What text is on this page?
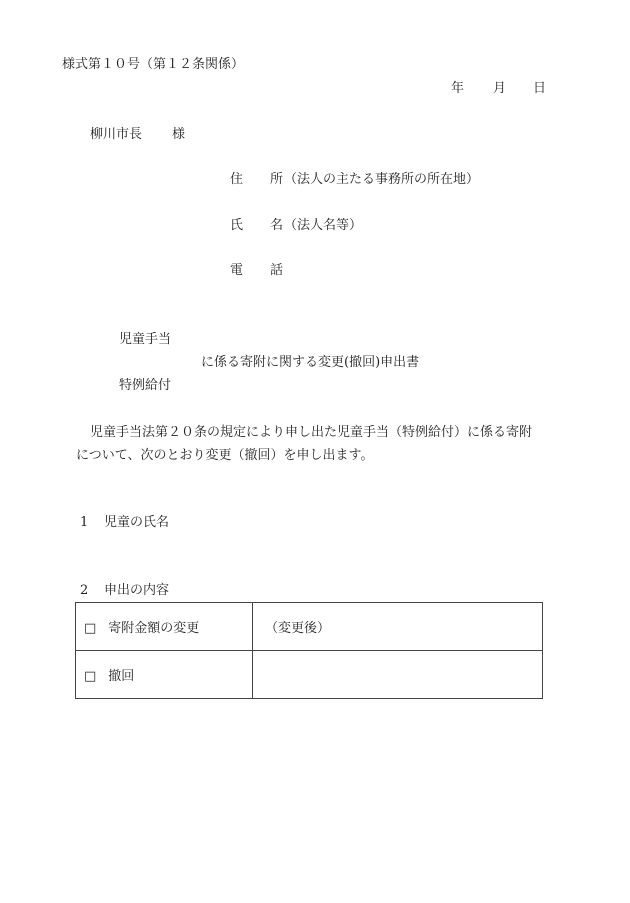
様式第１０号（第１２条関係）
年 月 日
柳川市長 様
住 所 （法人の主たる事務所の所在地）
氏 名 （法人名等）
電 話
児童手当
に係る寄附に関する変更(撤回)申出書
特例給付
児童手当法第２０条の規定により申し出た児童手当（特例給付）に係る寄附
について、次のとおり変更（撤回）を申し出ます。
1 児童の氏名
2 申出の内容
□ 寄附金額の変更	（変更後）
□ 撤回	
